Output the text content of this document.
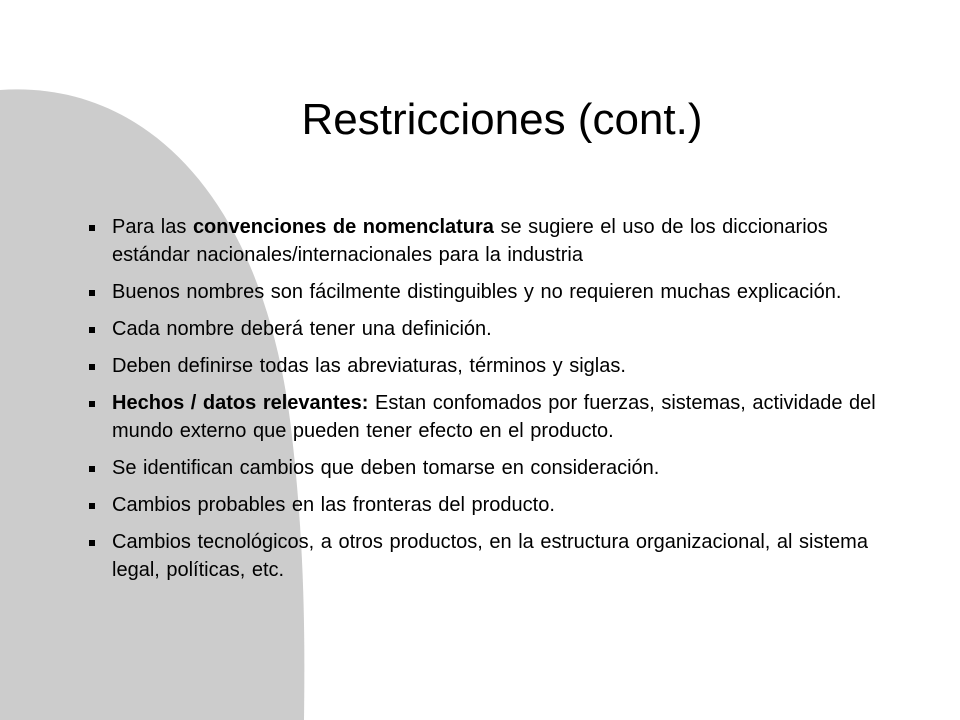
Restricciones (cont.)
Para las convenciones de nomenclatura se sugiere el uso de los diccionarios estándar nacionales/internacionales para la industria
Buenos nombres son fácilmente distinguibles y no requieren muchas explicación.
Cada nombre deberá tener una definición.
Deben definirse todas las abreviaturas, términos y siglas.
Hechos / datos relevantes: Estan confomados por fuerzas, sistemas, actividade del mundo externo que pueden tener efecto en el producto.
Se identifican cambios que deben tomarse en consideración.
Cambios probables en las fronteras del producto.
Cambios tecnológicos, a otros productos, en la estructura organizacional, al sistema legal, políticas, etc.
